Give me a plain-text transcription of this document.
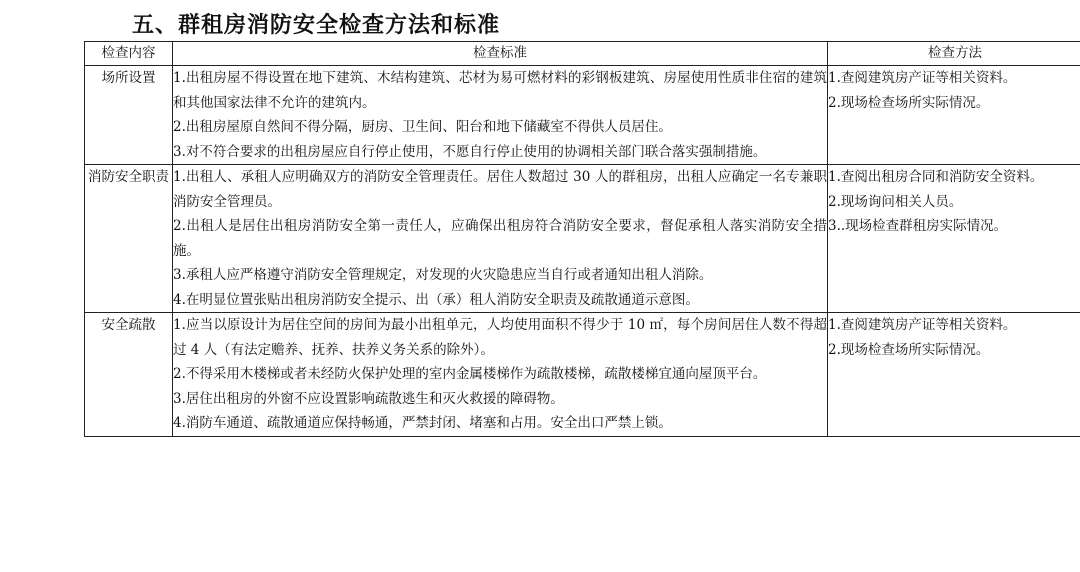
五、群租房消防安全检查方法和标准
检查内容	检查标准	检查方法
场所设置	1.出租房屋不得设置在地下建筑、木结构建筑、芯材为易可燃材料的彩钢板建筑、房屋使用性质非住宿的建筑和其他国家法律不允许的建筑内。
2.出租房屋原自然间不得分隔，厨房、卫生间、阳台和地下储藏室不得供人员居住。
3.对不符合要求的出租房屋应自行停止使用，不愿自行停止使用的协调相关部门联合落实强制措施。	1.查阅建筑房产证等相关资料。
2.现场检查场所实际情况。

消防安全职责	1.出租人、承租人应明确双方的消防安全管理责任。居住人数超过 30 人的群租房，出租人应确定一名专兼职消防安全管理员。
2.出租人是居住出租房消防安全第一责任人，应确保出租房符合消防安全要求，督促承租人落实消防安全措施。
3.承租人应严格遵守消防安全管理规定，对发现的火灾隐患应当自行或者通知出租人消除。
4.在明显位置张贴出租房消防安全提示、出（承）租人消防安全职责及疏散通道示意图。	1.查阅出租房合同和消防安全资料。
2.现场询问相关人员。
3..现场检查群租房实际情况。

安全疏散	1.应当以原设计为居住空间的房间为最小出租单元，人均使用面积不得少于 10 ㎡，每个房间居住人数不得超过 4 人（有法定赡养、抚养、扶养义务关系的除外）。
2.不得采用木楼梯或者未经防火保护处理的室内金属楼梯作为疏散楼梯，疏散楼梯宜通向屋顶平台。
3.居住出租房的外窗不应设置影响疏散逃生和灭火救援的障碍物。
4.消防车通道、疏散通道应保持畅通，严禁封闭、堵塞和占用。安全出口严禁上锁。	1.查阅建筑房产证等相关资料。
2.现场检查场所实际情况。
